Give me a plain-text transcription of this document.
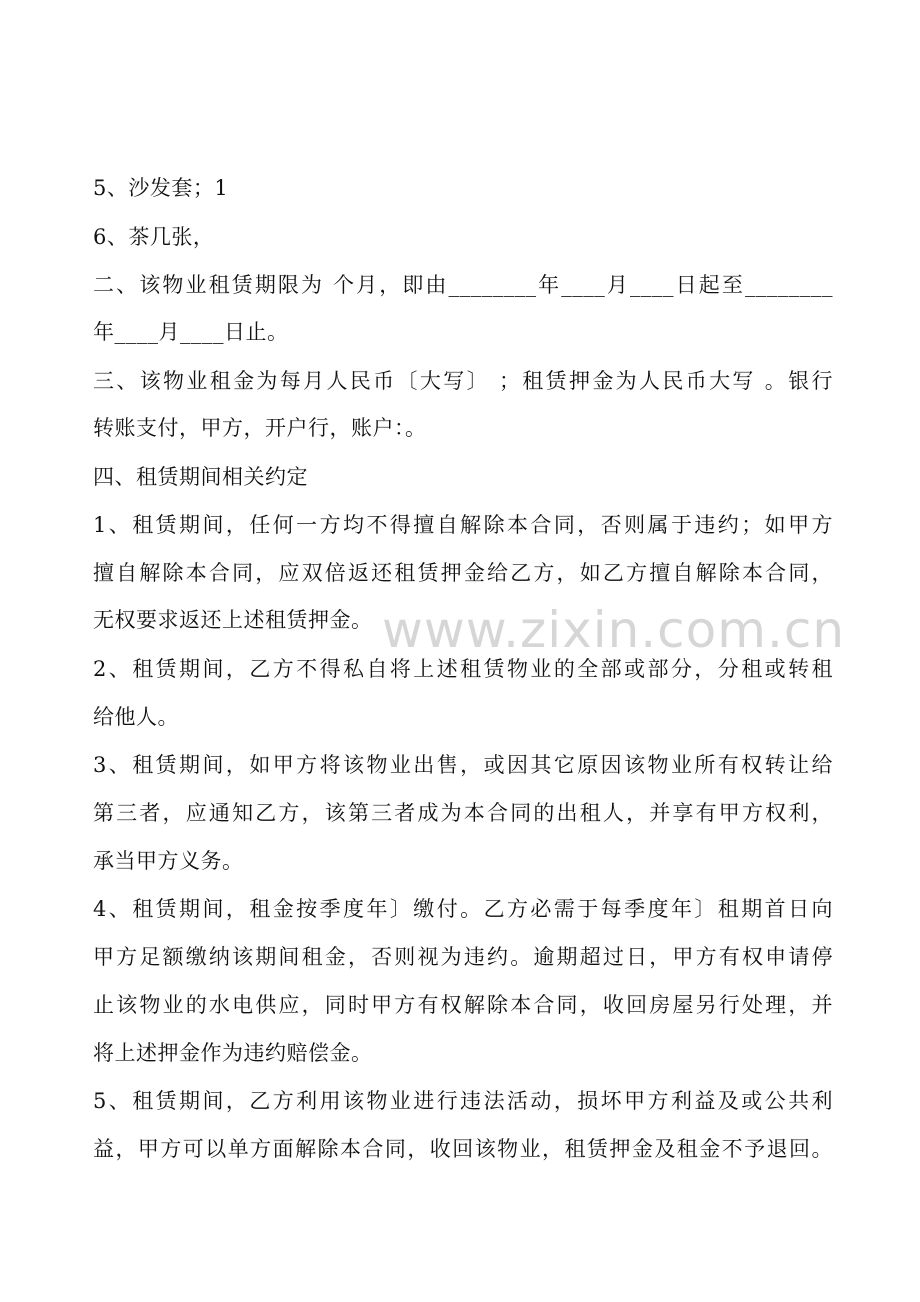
5、沙发套；1
6、茶几张，
二、该物业租赁期限为 个月，即由________年____月____日起至________
年____月____日止。
三、该物业租金为每月人民币〔大写〕 ；租赁押金为人民币大写 。银行
转账支付，甲方，开户行，账户：。
四、租赁期间相关约定
1、租赁期间，任何一方均不得擅自解除本合同，否则属于违约；如甲方
擅自解除本合同，应双倍返还租赁押金给乙方，如乙方擅自解除本合同，
无权要求返还上述租赁押金。
2、租赁期间，乙方不得私自将上述租赁物业的全部或部分，分租或转租
给他人。
3、租赁期间，如甲方将该物业出售，或因其它原因该物业所有权转让给
第三者，应通知乙方，该第三者成为本合同的出租人，并享有甲方权利，
承当甲方义务。
4、租赁期间，租金按季度年〕缴付。乙方必需于每季度年〕租期首日向
甲方足额缴纳该期间租金，否则视为违约。逾期超过日，甲方有权申请停
止该物业的水电供应，同时甲方有权解除本合同，收回房屋另行处理，并
将上述押金作为违约赔偿金。
5、租赁期间，乙方利用该物业进行违法活动，损坏甲方利益及或公共利
益，甲方可以单方面解除本合同，收回该物业，租赁押金及租金不予退回。
www.zixin.com.cn
